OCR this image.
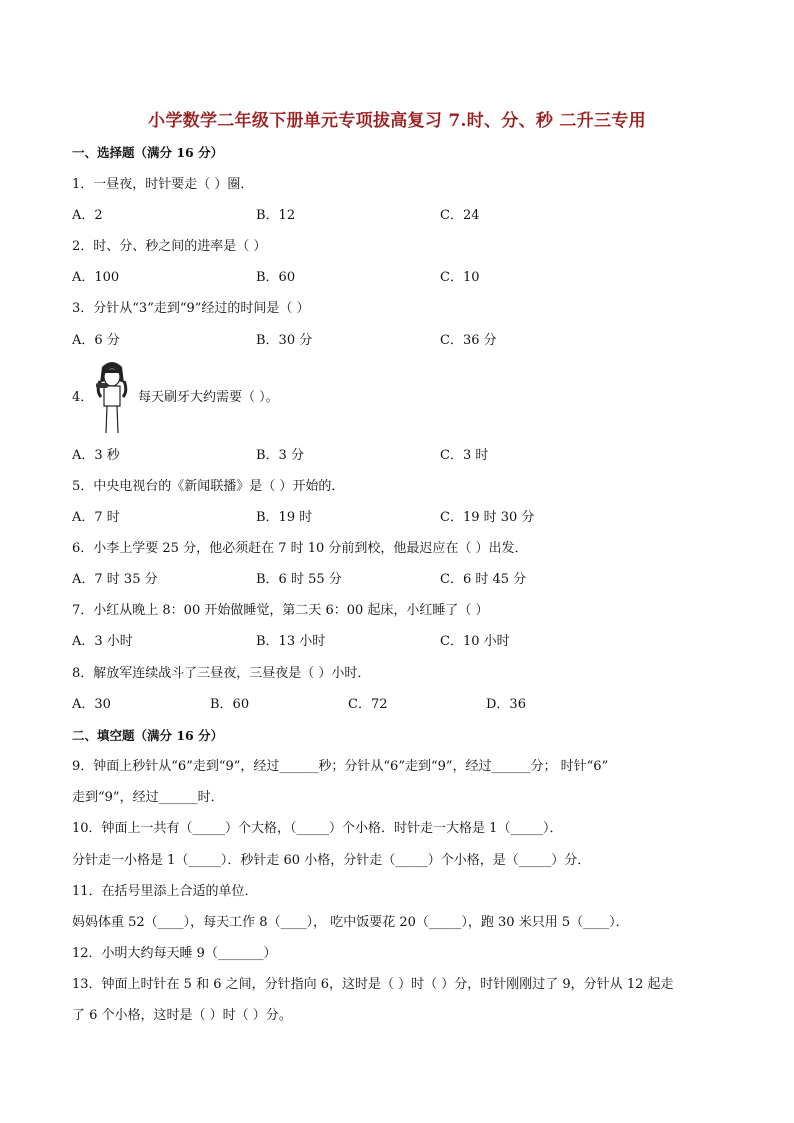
小学数学二年级下册单元专项拔高复习 7.时、分、秒 二升三专用
一、选择题（满分 16 分）
1．一昼夜，时针要走（ ）圈．
A．2	B．12	C．24
2．时、分、秒之间的进率是（ ）
A．100	B．60	C．10
3．分针从“3”走到“9”经过的时间是（ ）
A．6 分	B．30 分	C．36 分
4．	每天刷牙大约需要（ ）。
A．3 秒	B．3 分	C．3 时
5．中央电视台的《新闻联播》是（ ）开始的．
A．7 时	B．19 时	C．19 时 30 分
6．小李上学要 25 分，他必须赶在 7 时 10 分前到校，他最迟应在（ ）出发．
A．7 时 35 分	B．6 时 55 分	C．6 时 45 分
7．小红从晚上 8：00 开始做睡觉，第二天 6：00 起床，小红睡了（ ）
A．3 小时	B．13 小时	C．10 小时
8．解放军连续战斗了三昼夜，三昼夜是（ ）小时．
A．30	B．60	C．72	D．36
二、填空题（满分 16 分）
9．钟面上秒针从“6”走到“9”，经过______秒；分针从“6”走到“9”，经过______分； 时针“6”
走到“9”，经过______时．
10．钟面上一共有（_____）个大格，（_____）个小格．时针走一大格是 1（_____）．
分针走一小格是 1（_____）．秒针走 60 小格，分针走（_____）个小格，是（_____）分．
11．在括号里添上合适的单位．
妈妈体重 52（____），每天工作 8（____）， 吃中饭要花 20（_____），跑 30 米只用 5（____）．
12．小明大约每天睡 9（_______）
13．钟面上时针在 5 和 6 之间，分针指向 6，这时是（ ）时（ ）分，时针刚刚过了 9，分针从 12 起走
了 6 个小格，这时是（ ）时（ ）分。
